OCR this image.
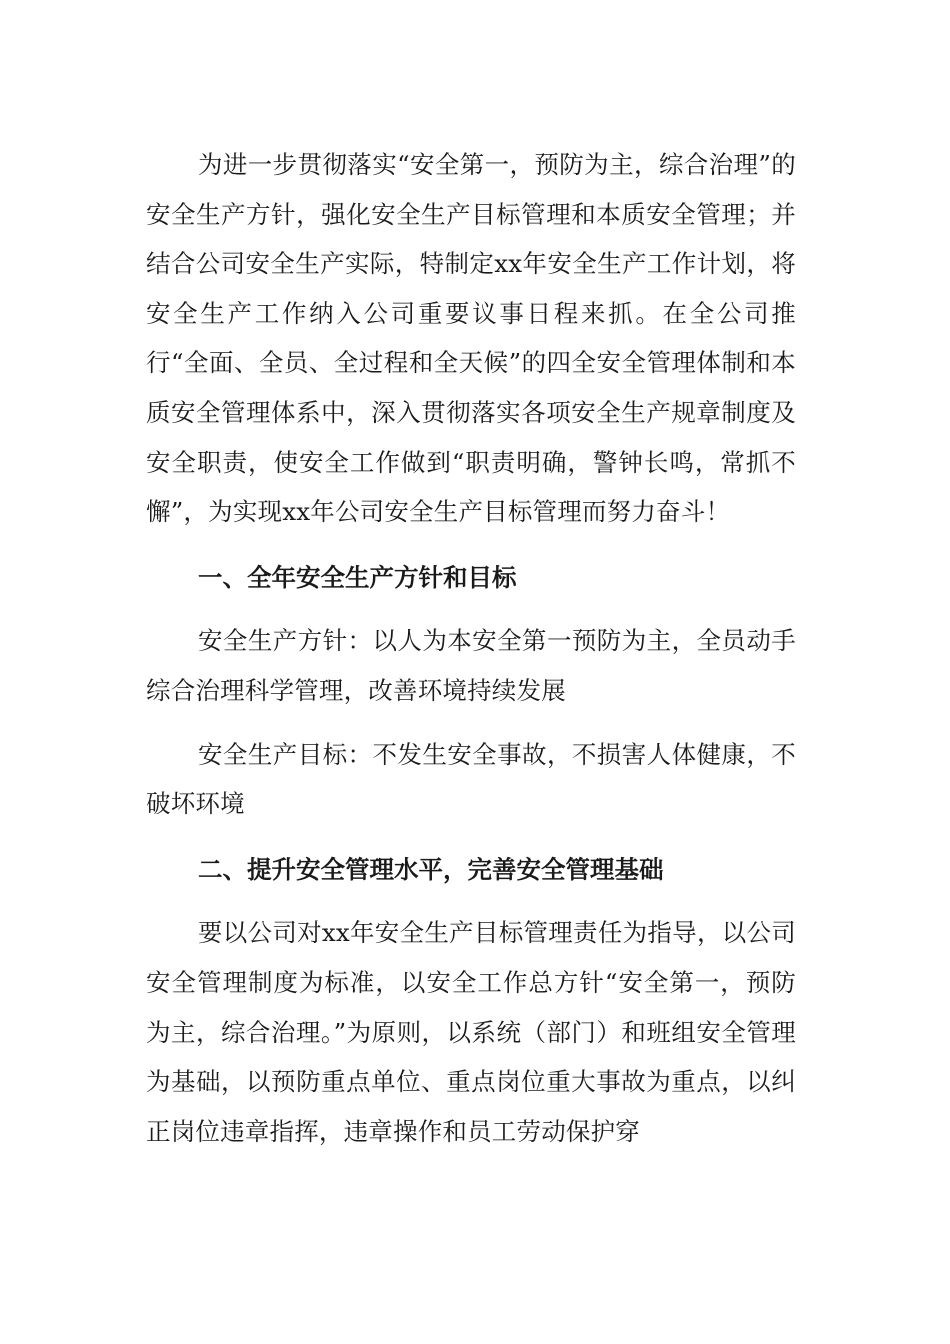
为进一步贯彻落实“安全第一，预防为主，综合治理”的安全生产方针，强化安全生产目标管理和本质安全管理；并结合公司安全生产实际，特制定xx年安全生产工作计划，将安全生产工作纳入公司重要议事日程来抓。在全公司推行“全面、全员、全过程和全天候”的四全安全管理体制和本质安全管理体系中，深入贯彻落实各项安全生产规章制度及安全职责，使安全工作做到“职责明确，警钟长鸣，常抓不懈”，为实现xx年公司安全生产目标管理而努力奋斗！

一、全年安全生产方针和目标

安全生产方针：以人为本安全第一预防为主，全员动手综合治理科学管理，改善环境持续发展

安全生产目标：不发生安全事故，不损害人体健康，不破坏环境

二、提升安全管理水平，完善安全管理基础

要以公司对xx年安全生产目标管理责任为指导，以公司安全管理制度为标准，以安全工作总方针“安全第一，预防为主，综合治理。”为原则，以系统（部门）和班组安全管理为基础，以预防重点单位、重点岗位重大事故为重点，以纠正岗位违章指挥，违章操作和员工劳动保护穿
